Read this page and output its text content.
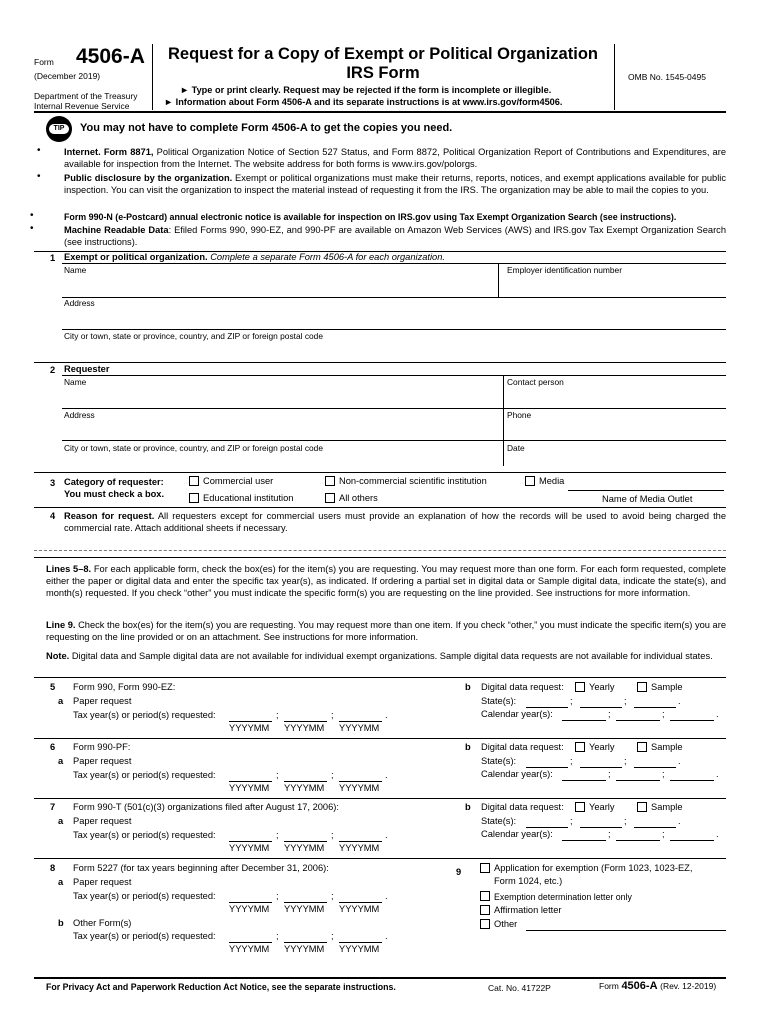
Form 4506-A
(December 2019)
Department of the Treasury
Internal Revenue Service
Request for a Copy of Exempt or Political Organization
IRS Form
► Type or print clearly. Request may be rejected if the form is incomplete or illegible.
► Information about Form 4506-A and its separate instructions is at www.irs.gov/form4506.
OMB No. 1545-0495
TIP	You may not have to complete Form 4506-A to get the copies you need.
•	Internet. Form 8871, Political Organization Notice of Section 527 Status, and Form 8872, Political Organization Report of Contributions and Expenditures, are available for inspection from the Internet. The website address for both forms is www.irs.gov/polorgs.
•	Public disclosure by the organization. Exempt or political organizations must make their returns, reports, notices, and exempt applications available for public inspection. You can visit the organization to inspect the material instead of requesting it from the IRS. The organization may be able to mail the copies to you.
•	Form 990-N (e-Postcard) annual electronic notice is available for inspection on IRS.gov using Tax Exempt Organization Search (see instructions).
•	Machine Readable Data: Efiled Forms 990, 990-EZ, and 990-PF are available on Amazon Web Services (AWS) and IRS.gov Tax Exempt Organization Search (see instructions).
1 Exempt or political organization. Complete a separate Form 4506-A for each organization.
Name	Employer identification number
Address
City or town, state or province, country, and ZIP or foreign postal code
2 Requester
Name	Contact person
Address	Phone
City or town, state or province, country, and ZIP or foreign postal code	Date
3 Category of requester:
You must check a box.
Commercial user	Non-commercial scientific institution	Media
Educational institution	All others	Name of Media Outlet
4 Reason for request. All requesters except for commercial users must provide an explanation of how the records will be used to avoid being charged the commercial rate. Attach additional sheets if necessary.
Lines 5–8. For each applicable form, check the box(es) for the item(s) you are requesting. You may request more than one form. For each form requested, complete either the paper or digital data and enter the specific tax year(s), as indicated. If ordering a partial set in digital data or Sample digital data, indicate the state(s), and month(s) requested. If you check “other” you must indicate the specific form(s) you are requesting on the line provided. See instructions for more information.
Line 9. Check the box(es) for the item(s) you are requesting. You may request more than one item. If you check “other,” you must indicate the specific item(s) you are requesting on the line provided or on an attachment. See instructions for more information.
Note. Digital data and Sample digital data are not available for individual exempt organizations. Sample digital data requests are not available for individual states.
5 Form 990, Form 990-EZ:
a Paper request
Tax year(s) or period(s) requested:	;	;	.
YYYYMM YYYYMM YYYYMM
b Digital data request:	Yearly	Sample
State(s):	;	;	.
Calendar year(s):	;	;	.
6 Form 990-PF:
a Paper request
Tax year(s) or period(s) requested:	;	;	.
YYYYMM YYYYMM YYYYMM
b Digital data request:	Yearly	Sample
State(s):	;	;	.
Calendar year(s):	;	;	.
7 Form 990-T (501(c)(3) organizations filed after August 17, 2006):
a Paper request
Tax year(s) or period(s) requested:	;	;	.
YYYYMM YYYYMM YYYYMM
b Digital data request:	Yearly	Sample
State(s):	;	;	.
Calendar year(s):	;	;	.
8 Form 5227 (for tax years beginning after December 31, 2006):
a Paper request
Tax year(s) or period(s) requested:	;	;	.
YYYYMM YYYYMM YYYYMM
b Other Form(s)
Tax year(s) or period(s) requested:	;	;	.
YYYYMM YYYYMM YYYYMM
9	Application for exemption (Form 1023, 1023-EZ,
Form 1024, etc.)
Exemption determination letter only
Affirmation letter
Other
For Privacy Act and Paperwork Reduction Act Notice, see the separate instructions.	Cat. No. 41722P	Form 4506-A (Rev. 12-2019)
